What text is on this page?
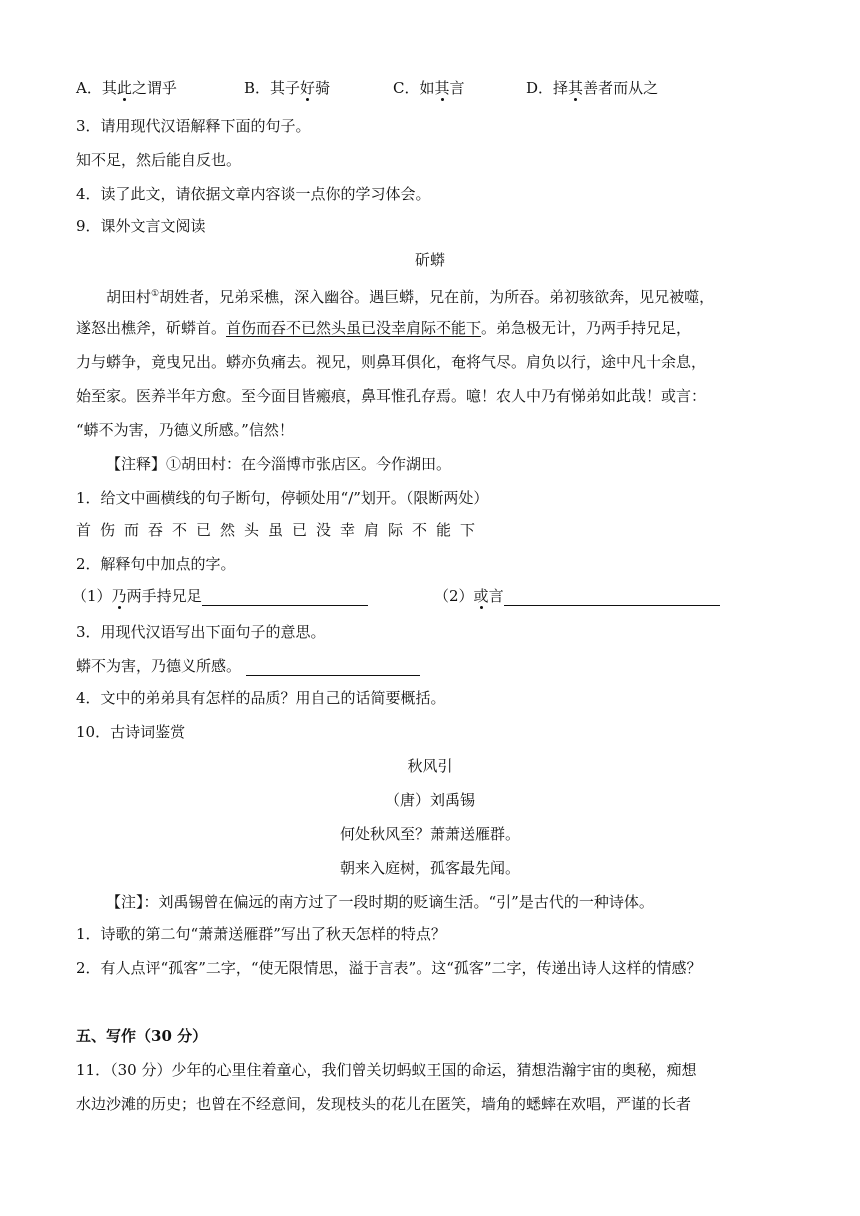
A．其此之谓乎	B．其子好骑	C．如其言	D．择其善者而从之
3．请用现代汉语解释下面的句子。
知不足，然后能自反也。
4．读了此文，请依据文章内容谈一点你的学习体会。
9．课外文言文阅读
斫蟒
胡田村①胡姓者，兄弟采樵，深入幽谷。遇巨蟒，兄在前，为所吞。弟初骇欲奔，见兄被噬，
遂怒出樵斧，斫蟒首。首伤而吞不已然头虽已没幸肩际不能下。弟急极无计，乃两手持兄足，
力与蟒争，竟曳兄出。蟒亦负痛去。视兄，则鼻耳俱化，奄将气尽。肩负以行，途中凡十余息，
始至家。医养半年方愈。至今面目皆瘢痕，鼻耳惟孔存焉。噫！农人中乃有悌弟如此哉！或言：
“蟒不为害，乃德义所感。”信然！
【注释】①胡田村：在今淄博市张店区。今作湖田。
1．给文中画横线的句子断句，停顿处用“/”划开。（限断两处）
首 伤 而 吞 不 已 然 头 虽 已 没 幸 肩 际 不 能 下
2．解释句中加点的字。
（1）乃两手持兄足	（2）或言
3．用现代汉语写出下面句子的意思。
蟒不为害，乃德义所感。
4．文中的弟弟具有怎样的品质？用自己的话简要概括。
10．古诗词鉴赏
秋风引
（唐）刘禹锡
何处秋风至？萧萧送雁群。
朝来入庭树，孤客最先闻。
【注】：刘禹锡曾在偏远的南方过了一段时期的贬谪生活。“引”是古代的一种诗体。
1．诗歌的第二句“萧萧送雁群”写出了秋天怎样的特点？
2．有人点评“孤客”二字，“使无限情思，溢于言表”。这“孤客”二字，传递出诗人这样的情感？
五、写作（30 分）
11．（30 分）少年的心里住着童心，我们曾关切蚂蚁王国的命运，猜想浩瀚宇宙的奥秘，痴想
水边沙滩的历史；也曾在不经意间，发现枝头的花儿在匿笑，墙角的蟋蟀在欢唱，严谨的长者
